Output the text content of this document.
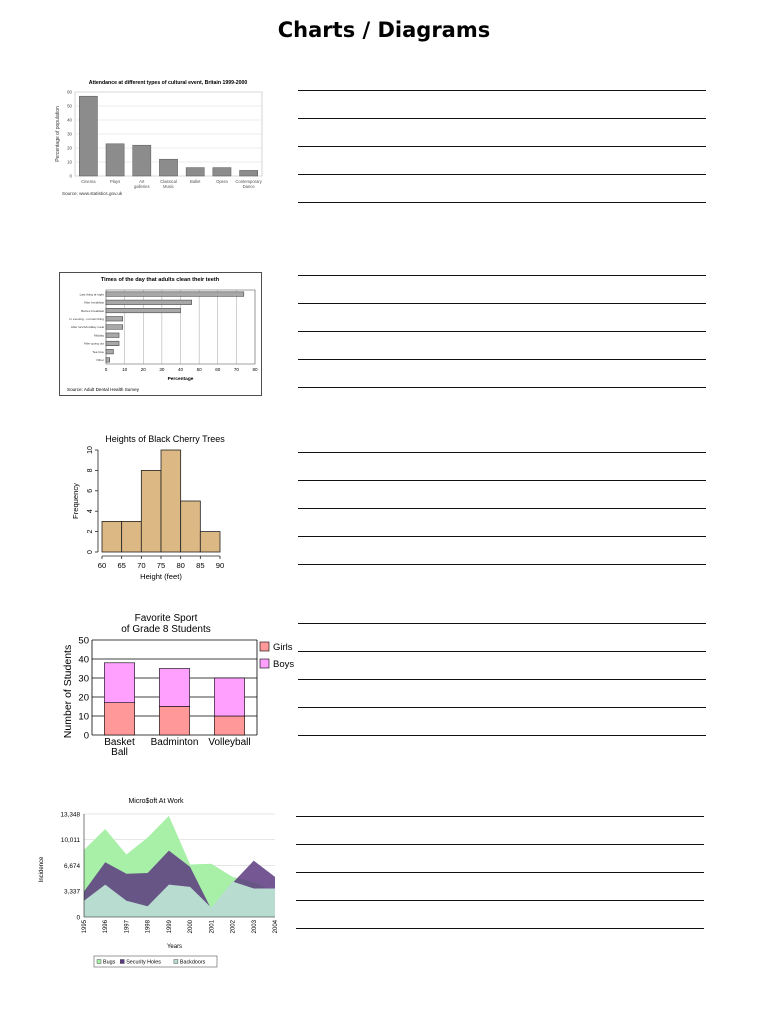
Charts / Diagrams
Attendance at different types of cultural event, Britain 1999-2000
0
10
20
30
40
50
60
Percentage of population
Cinema	Plays	Art
galleries
Classical
Music
Ballet	Opera Contemporary
Dance
Source: www.statistics.gov.uk
Times of the day that adults clean their teeth
0	10	20	30	40	50	60	70	80
Percentage
Last thing at night
After breakfast
Before breakfast
In evening - not last thing
After lunch/midday meal
Midday
After going out
Tea time
Other
Source: Adult Dental Health Survey
Heights of Black Cherry Trees
0
2
4
6
8
10
Frequency
60 65 70 75 80 85 90
Height (feet)
Favorite Sport
of Grade 8 Students
0
10
20
30
40
50
Number of Students
Basket
Ball
Badminton Volleyball
Girls
Boys
Micro$oft At Work
0
3,337
6,674
10,011
13,348
Incidence
1995	1996	1997	1998	1999	2000	2001	2002	2003	2004
Years
Bugs Security Holes	Backdoors
